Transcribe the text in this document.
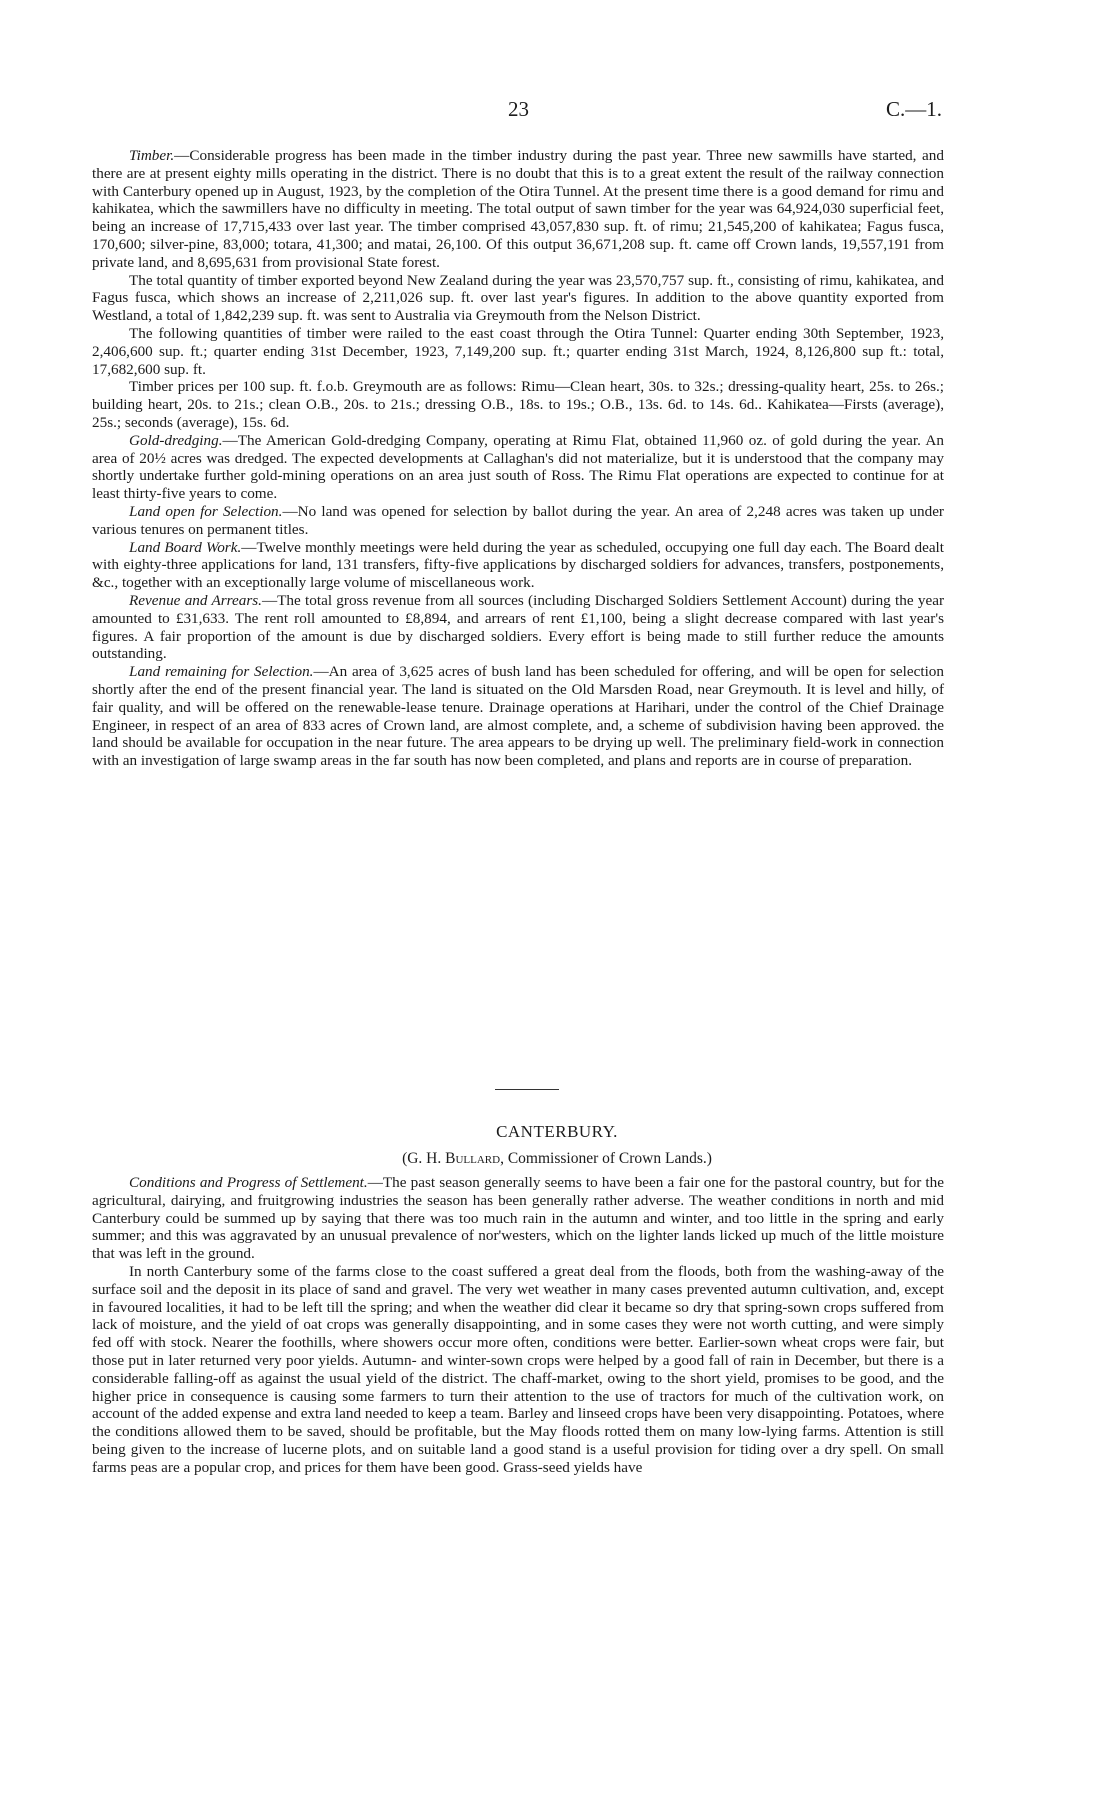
23	C.—1.

Timber.—Considerable progress has been made in the timber industry during the past year. Three new sawmills have started, and there are at present eighty mills operating in the district. There is no doubt that this is to a great extent the result of the railway connection with Canterbury opened up in August, 1923, by the completion of the Otira Tunnel. At the present time there is a good demand for rimu and kahikatea, which the sawmillers have no difficulty in meeting. The total output of sawn timber for the year was 64,924,030 superficial feet, being an increase of 17,715,433 over last year. The timber comprised 43,057,830 sup. ft. of rimu; 21,545,200 of kahikatea; Fagus fusca, 170,600; silver-pine, 83,000; totara, 41,300; and matai, 26,100. Of this output 36,671,208 sup. ft. came off Crown lands, 19,557,191 from private land, and 8,695,631 from provisional State forest.

The total quantity of timber exported beyond New Zealand during the year was 23,570,757 sup. ft., consisting of rimu, kahikatea, and Fagus fusca, which shows an increase of 2,211,026 sup. ft. over last year's figures. In addition to the above quantity exported from Westland, a total of 1,842,239 sup. ft. was sent to Australia via Greymouth from the Nelson District.

The following quantities of timber were railed to the east coast through the Otira Tunnel: Quarter ending 30th September, 1923, 2,406,600 sup. ft.; quarter ending 31st December, 1923, 7,149,200 sup. ft.; quarter ending 31st March, 1924, 8,126,800 sup ft.: total, 17,682,600 sup. ft.

Timber prices per 100 sup. ft. f.o.b. Greymouth are as follows: Rimu—Clean heart, 30s. to 32s.; dressing-quality heart, 25s. to 26s.; building heart, 20s. to 21s.; clean O.B., 20s. to 21s.; dressing O.B., 18s. to 19s.; O.B., 13s. 6d. to 14s. 6d.. Kahikatea—Firsts (average), 25s.; seconds (average), 15s. 6d.

Gold-dredging.—The American Gold-dredging Company, operating at Rimu Flat, obtained 11,960 oz. of gold during the year. An area of 20½ acres was dredged. The expected developments at Callaghan's did not materialize, but it is understood that the company may shortly undertake further gold-mining operations on an area just south of Ross. The Rimu Flat operations are expected to continue for at least thirty-five years to come.

Land open for Selection.—No land was opened for selection by ballot during the year. An area of 2,248 acres was taken up under various tenures on permanent titles.

Land Board Work.—Twelve monthly meetings were held during the year as scheduled, occupying one full day each. The Board dealt with eighty-three applications for land, 131 transfers, fifty-five applications by discharged soldiers for advances, transfers, postponements, &c., together with an exceptionally large volume of miscellaneous work.

Revenue and Arrears.—The total gross revenue from all sources (including Discharged Soldiers Settlement Account) during the year amounted to £31,633. The rent roll amounted to £8,894, and arrears of rent £1,100, being a slight decrease compared with last year's figures. A fair proportion of the amount is due by discharged soldiers. Every effort is being made to still further reduce the amounts outstanding.

Land remaining for Selection.—An area of 3,625 acres of bush land has been scheduled for offering, and will be open for selection shortly after the end of the present financial year. The land is situated on the Old Marsden Road, near Greymouth. It is level and hilly, of fair quality, and will be offered on the renewable-lease tenure. Drainage operations at Harihari, under the control of the Chief Drainage Engineer, in respect of an area of 833 acres of Crown land, are almost complete, and, a scheme of subdivision having been approved. the land should be available for occupation in the near future. The area appears to be drying up well. The preliminary field-work in connection with an investigation of large swamp areas in the far south has now been completed, and plans and reports are in course of preparation.

CANTERBURY.
(G. H. Bullard, Commissioner of Crown Lands.)

Conditions and Progress of Settlement.—The past season generally seems to have been a fair one for the pastoral country, but for the agricultural, dairying, and fruitgrowing industries the season has been generally rather adverse. The weather conditions in north and mid Canterbury could be summed up by saying that there was too much rain in the autumn and winter, and too little in the spring and early summer; and this was aggravated by an unusual prevalence of nor'westers, which on the lighter lands licked up much of the little moisture that was left in the ground.

In north Canterbury some of the farms close to the coast suffered a great deal from the floods, both from the washing-away of the surface soil and the deposit in its place of sand and gravel. The very wet weather in many cases prevented autumn cultivation, and, except in favoured localities, it had to be left till the spring; and when the weather did clear it became so dry that spring-sown crops suffered from lack of moisture, and the yield of oat crops was generally disappointing, and in some cases they were not worth cutting, and were simply fed off with stock. Nearer the foothills, where showers occur more often, conditions were better. Earlier-sown wheat crops were fair, but those put in later returned very poor yields. Autumn- and winter-sown crops were helped by a good fall of rain in December, but there is a considerable falling-off as against the usual yield of the district. The chaff-market, owing to the short yield, promises to be good, and the higher price in consequence is causing some farmers to turn their attention to the use of tractors for much of the cultivation work, on account of the added expense and extra land needed to keep a team. Barley and linseed crops have been very disappointing. Potatoes, where the conditions allowed them to be saved, should be profitable, but the May floods rotted them on many low-lying farms. Attention is still being given to the increase of lucerne plots, and on suitable land a good stand is a useful provision for tiding over a dry spell. On small farms peas are a popular crop, and prices for them have been good. Grass-seed yields have
